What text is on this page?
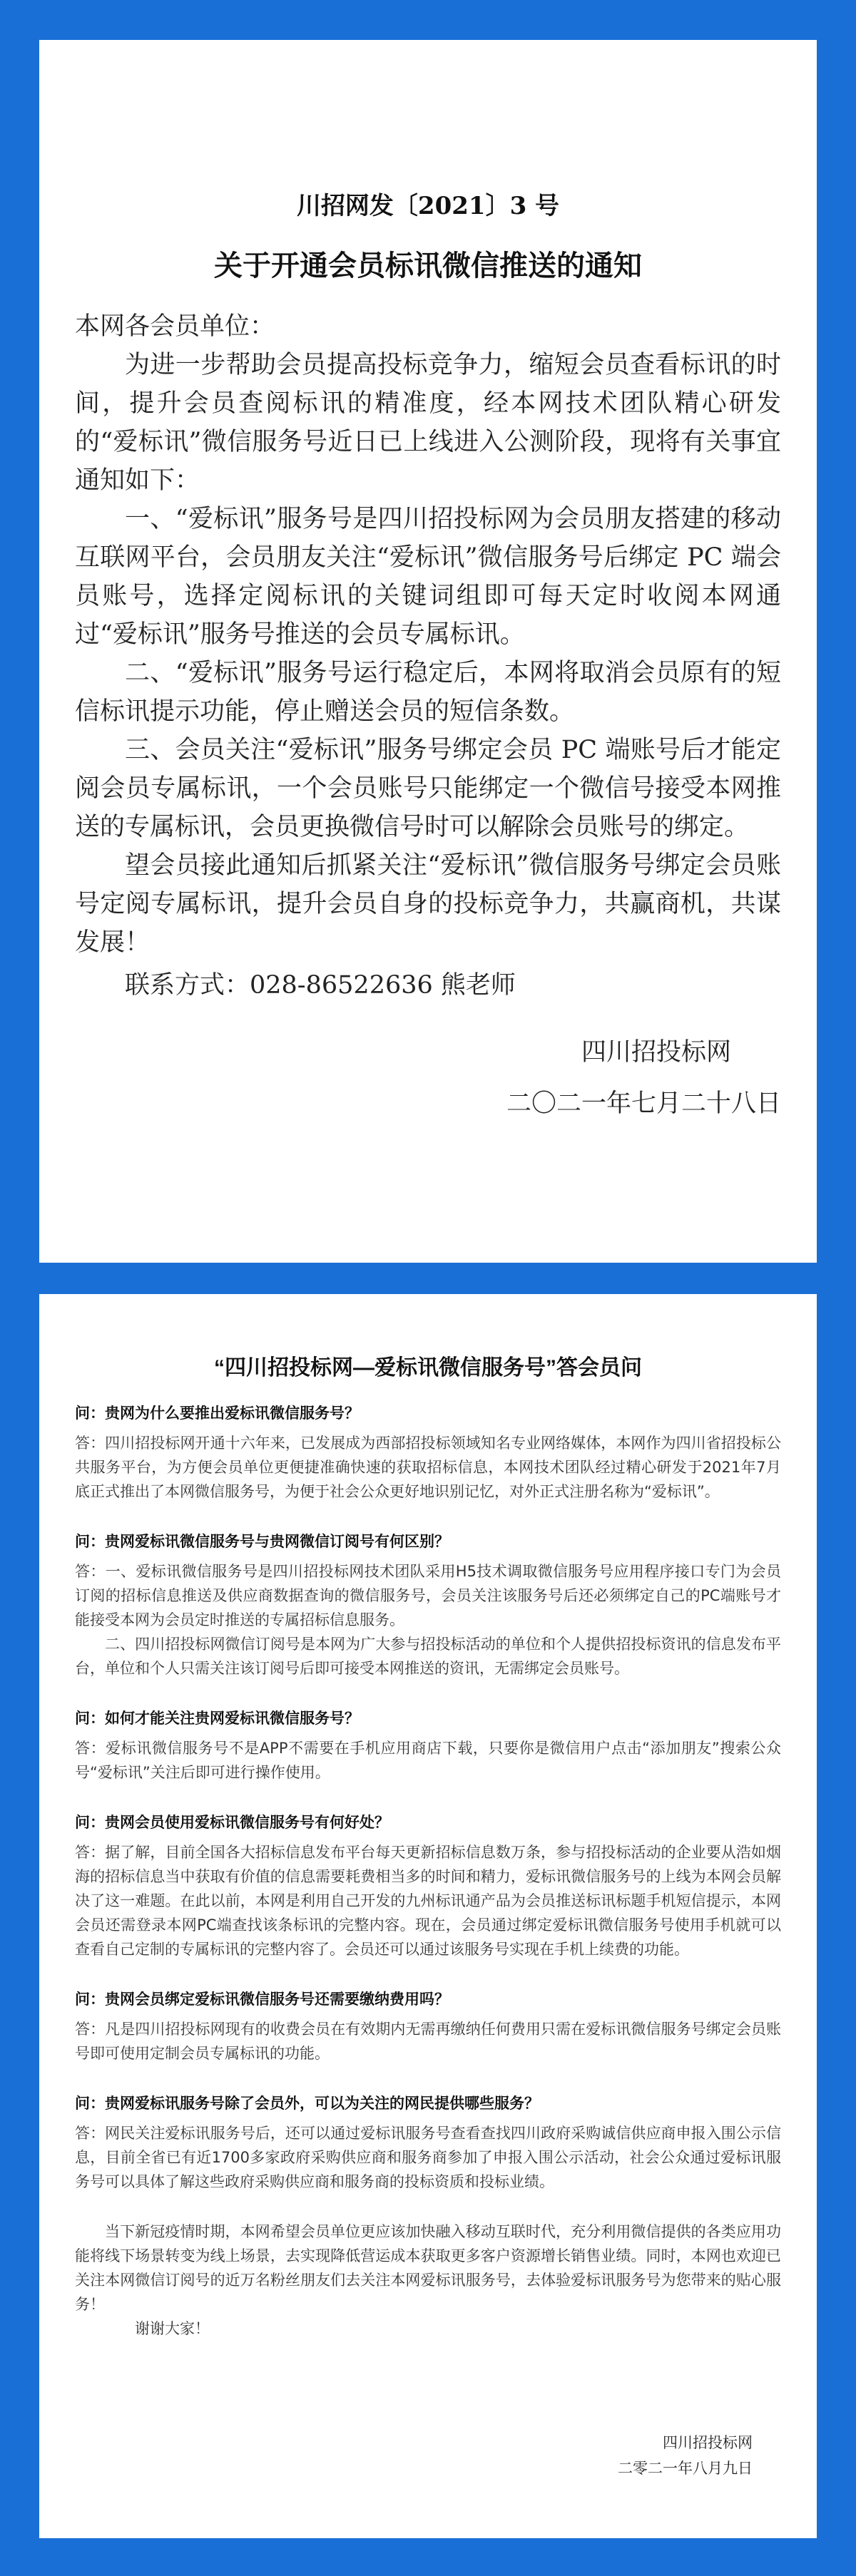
川招网发〔2021〕3 号
关于开通会员标讯微信推送的通知

本网各会员单位：

为进一步帮助会员提高投标竞争力，缩短会员查看标讯的时间，提升会员查阅标讯的精准度，经本网技术团队精心研发的“爱标讯”微信服务号近日已上线进入公测阶段，现将有关事宜通知如下：

一、“爱标讯”服务号是四川招投标网为会员朋友搭建的移动互联网平台，会员朋友关注“爱标讯”微信服务号后绑定 PC 端会员账号，选择定阅标讯的关键词组即可每天定时收阅本网通过“爱标讯”服务号推送的会员专属标讯。

二、“爱标讯”服务号运行稳定后，本网将取消会员原有的短信标讯提示功能，停止赠送会员的短信条数。

三、会员关注“爱标讯”服务号绑定会员 PC 端账号后才能定阅会员专属标讯，一个会员账号只能绑定一个微信号接受本网推送的专属标讯，会员更换微信号时可以解除会员账号的绑定。

望会员接此通知后抓紧关注“爱标讯”微信服务号绑定会员账号定阅专属标讯，提升会员自身的投标竞争力，共赢商机，共谋发展！

联系方式：028-86522636 熊老师

四川招投标网

二〇二一年七月二十八日

“四川招投标网—爱标讯微信服务号”答会员问

问：贵网为什么要推出爱标讯微信服务号？

答：四川招投标网开通十六年来，已发展成为西部招投标领域知名专业网络媒体，本网作为四川省招投标公共服务平台，为方便会员单位更便捷准确快速的获取招标信息，本网技术团队经过精心研发于2021年7月底正式推出了本网微信服务号，为便于社会公众更好地识别记忆，对外正式注册名称为“爱标讯”。

问：贵网爱标讯微信服务号与贵网微信订阅号有何区别？

答：一、爱标讯微信服务号是四川招投标网技术团队采用H5技术调取微信服务号应用程序接口专门为会员订阅的招标信息推送及供应商数据查询的微信服务号，会员关注该服务号后还必须绑定自己的PC端账号才能接受本网为会员定时推送的专属招标信息服务。

二、四川招投标网微信订阅号是本网为广大参与招投标活动的单位和个人提供招投标资讯的信息发布平台，单位和个人只需关注该订阅号后即可接受本网推送的资讯，无需绑定会员账号。

问：如何才能关注贵网爱标讯微信服务号？

答：爱标讯微信服务号不是APP不需要在手机应用商店下载，只要你是微信用户点击“添加朋友”搜索公众号“爱标讯”关注后即可进行操作使用。

问：贵网会员使用爱标讯微信服务号有何好处？

答：据了解，目前全国各大招标信息发布平台每天更新招标信息数万条，参与招投标活动的企业要从浩如烟海的招标信息当中获取有价值的信息需要耗费相当多的时间和精力，爱标讯微信服务号的上线为本网会员解决了这一难题。在此以前，本网是利用自己开发的九州标讯通产品为会员推送标讯标题手机短信提示，本网会员还需登录本网PC端查找该条标讯的完整内容。现在，会员通过绑定爱标讯微信服务号使用手机就可以查看自己定制的专属标讯的完整内容了。会员还可以通过该服务号实现在手机上续费的功能。

问：贵网会员绑定爱标讯微信服务号还需要缴纳费用吗？

答：凡是四川招投标网现有的收费会员在有效期内无需再缴纳任何费用只需在爱标讯微信服务号绑定会员账号即可使用定制会员专属标讯的功能。

问：贵网爱标讯服务号除了会员外，可以为关注的网民提供哪些服务？

答：网民关注爱标讯服务号后，还可以通过爱标讯服务号查看查找四川政府采购诚信供应商申报入围公示信息，目前全省已有近1700多家政府采购供应商和服务商参加了申报入围公示活动，社会公众通过爱标讯服务号可以具体了解这些政府采购供应商和服务商的投标资质和投标业绩。

当下新冠疫情时期，本网希望会员单位更应该加快融入移动互联时代，充分利用微信提供的各类应用功能将线下场景转变为线上场景，去实现降低营运成本获取更多客户资源增长销售业绩。同时，本网也欢迎已关注本网微信订阅号的近万名粉丝朋友们去关注本网爱标讯服务号，去体验爱标讯服务号为您带来的贴心服务！

谢谢大家！

四川招投标网
二零二一年八月九日
